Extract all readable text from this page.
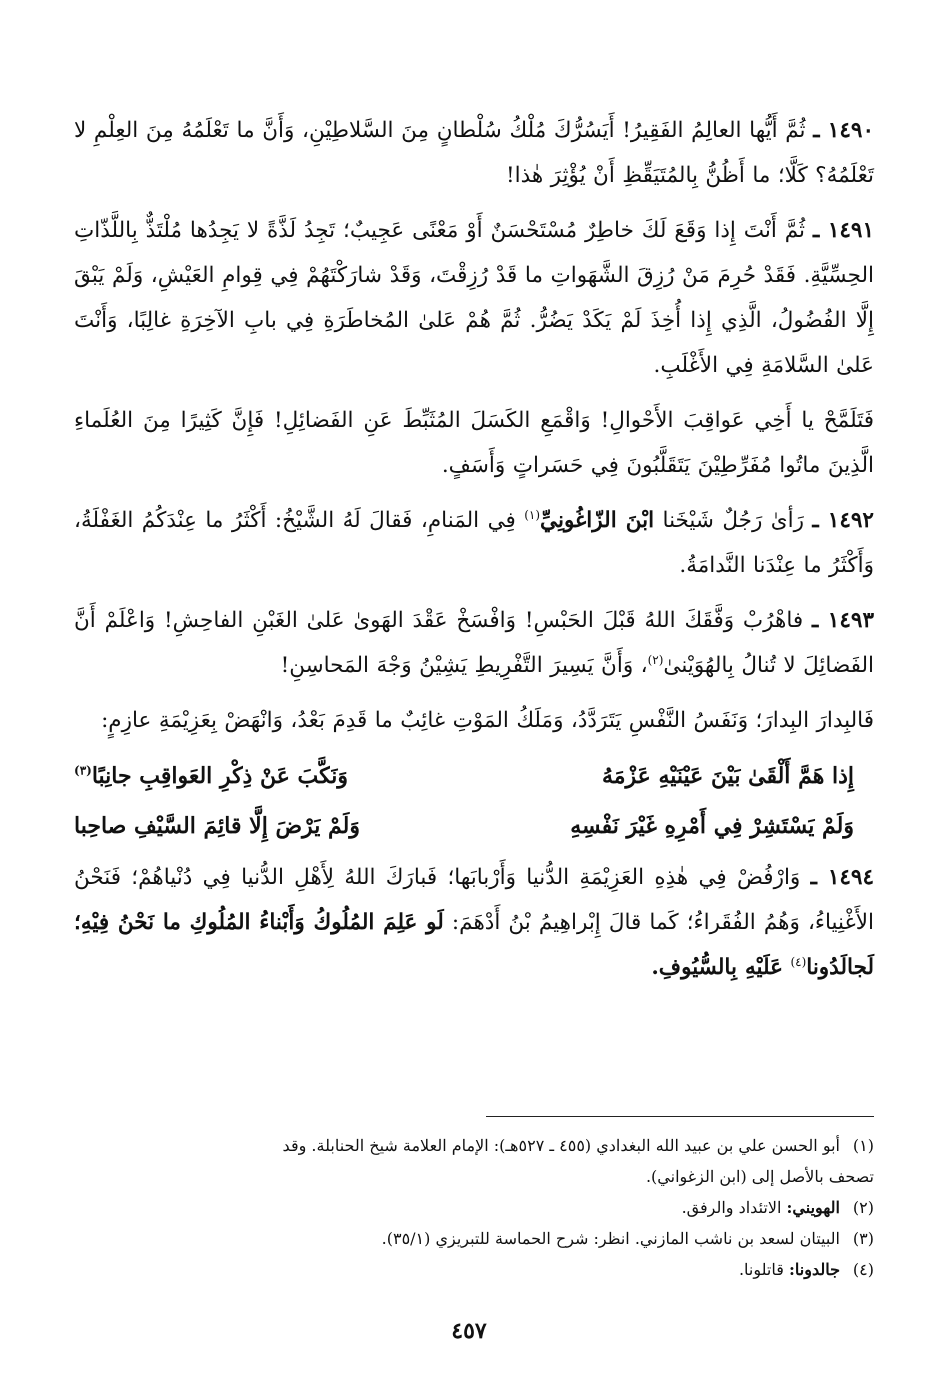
١٤٩٠ ـ ثُمَّ أَيُّها العالِمُ الفَقِيرُ! أَيَسُرُّكَ مُلْكُ سُلْطانٍ مِنَ السَّلاطِيْنِ، وَأَنَّ ما تَعْلَمُهُ مِنَ العِلْمِ لا تَعْلَمُهُ؟ كَلَّا؛ ما أَظُنُّ بِالمُتَيَقِّظِ أَنْ يُؤْثِرَ هٰذا!

١٤٩١ ـ ثُمَّ أَنْتَ إِذا وَقَعَ لَكَ خاطِرٌ مُسْتَحْسَنٌ أَوْ مَعْنًى عَجِيبٌ؛ تَجِدُ لَذَّةً لا يَجِدُها مُلْتَذٌّ بِاللَّذّاتِ الحِسِّيَّةِ. فَقَدْ حُرِمَ مَنْ رُزِقَ الشَّهَواتِ ما قَدْ رُزِقْتَ، وَقَدْ شارَكْتَهُمْ فِي قِوامِ العَيْشِ، وَلَمْ يَبْقَ إِلَّا الفُضُولُ، الَّذِي إِذا أُخِذَ لَمْ يَكَدْ يَضُرُّ. ثُمَّ هُمْ عَلىٰ المُخاطَرَةِ فِي بابِ الآخِرَةِ غالِبًا، وَأَنْتَ عَلىٰ السَّلامَةِ فِي الأَغْلَبِ.

فَتَلَمَّحْ يا أَخِي عَواقِبَ الأَحْوالِ! وَاقْمَعِ الكَسَلَ المُثَبِّطَ عَنِ الفَضائِلِ! فَإِنَّ كَثِيرًا مِنَ العُلَماءِ الَّذِينَ ماتُوا مُفَرِّطِيْنَ يَتَقَلَّبُونَ فِي حَسَراتٍ وَأَسَفٍ.

١٤٩٢ ـ رَأىٰ رَجُلٌ شَيْخَنا ابْنَ الزّاغُونِيِّ$^{(١)}$ فِي المَنامِ، فَقالَ لَهُ الشَّيْخُ: أَكْثَرُ ما عِنْدَكُمُ الغَفْلَةُ، وَأَكْثَرُ ما عِنْدَنا النَّدامَةُ.

١٤٩٣ ـ فاهْرُبْ وَفَّقَكَ اللهُ قَبْلَ الحَبْسِ! وَافْسَخْ عَقْدَ الهَوىٰ عَلىٰ الغَبْنِ الفاحِشِ! وَاعْلَمْ أَنَّ الفَضائِلَ لا تُنالُ بِالهُوَيْنىٰ$^{(٢)}$، وَأَنَّ يَسِيرَ التَّفْرِيطِ يَشِيْنُ وَجْهَ المَحاسِنِ!

فَالبِدارَ البِدارَ؛ وَنَفَسُ النَّفْسِ يَتَرَدَّدُ، وَمَلَكُ المَوْتِ غائِبٌ ما قَدِمَ بَعْدُ، وَانْهَضْ بِعَزِيْمَةِ عازِمٍ:

إِذا هَمَّ أَلْقَىٰ بَيْنَ عَيْنَيْهِ عَزْمَهُ
وَنَكَّبَ عَنْ ذِكْرِ العَواقِبِ جانِبًا$^{(٣)}$
وَلَمْ يَسْتَشِرْ فِي أَمْرِهِ غَيْرَ نَفْسِهِ
وَلَمْ يَرْضَ إِلَّا قائِمَ السَّيْفِ صاحِبا

١٤٩٤ ـ وَارْفُضْ فِي هٰذِهِ العَزِيْمَةِ الدُّنيا وَأَرْبابَها؛ فَبارَكَ اللهُ لِأَهْلِ الدُّنيا فِي دُنْياهُمْ؛ فَنَحْنُ الأَغْنِياءُ، وَهُمُ الفُقَراءُ؛ كَما قالَ إِبْراهِيمُ بْنُ أَدْهَمَ: لَو عَلِمَ المُلُوكُ وَأَبْناءُ المُلُوكِ ما نَحْنُ فِيْهِ؛ لَجالَدُونا$^{(٤)}$ عَلَيْهِ بِالسُّيُوفِ.

(١)أبو الحسن علي بن عبيد الله البغدادي (٤٥٥ ـ ٥٢٧هـ): الإمام العلامة شيخ الحنابلة. وقد

تصحف بالأصل إلى (ابن الزغواني).

(٢)الهويني: الاتئداد والرفق.

(٣)البيتان لسعد بن ناشب المازني. انظر: شرح الحماسة للتبريزي (٣٥/١).

(٤)جالدونا: قاتلونا.

٤٥٧
